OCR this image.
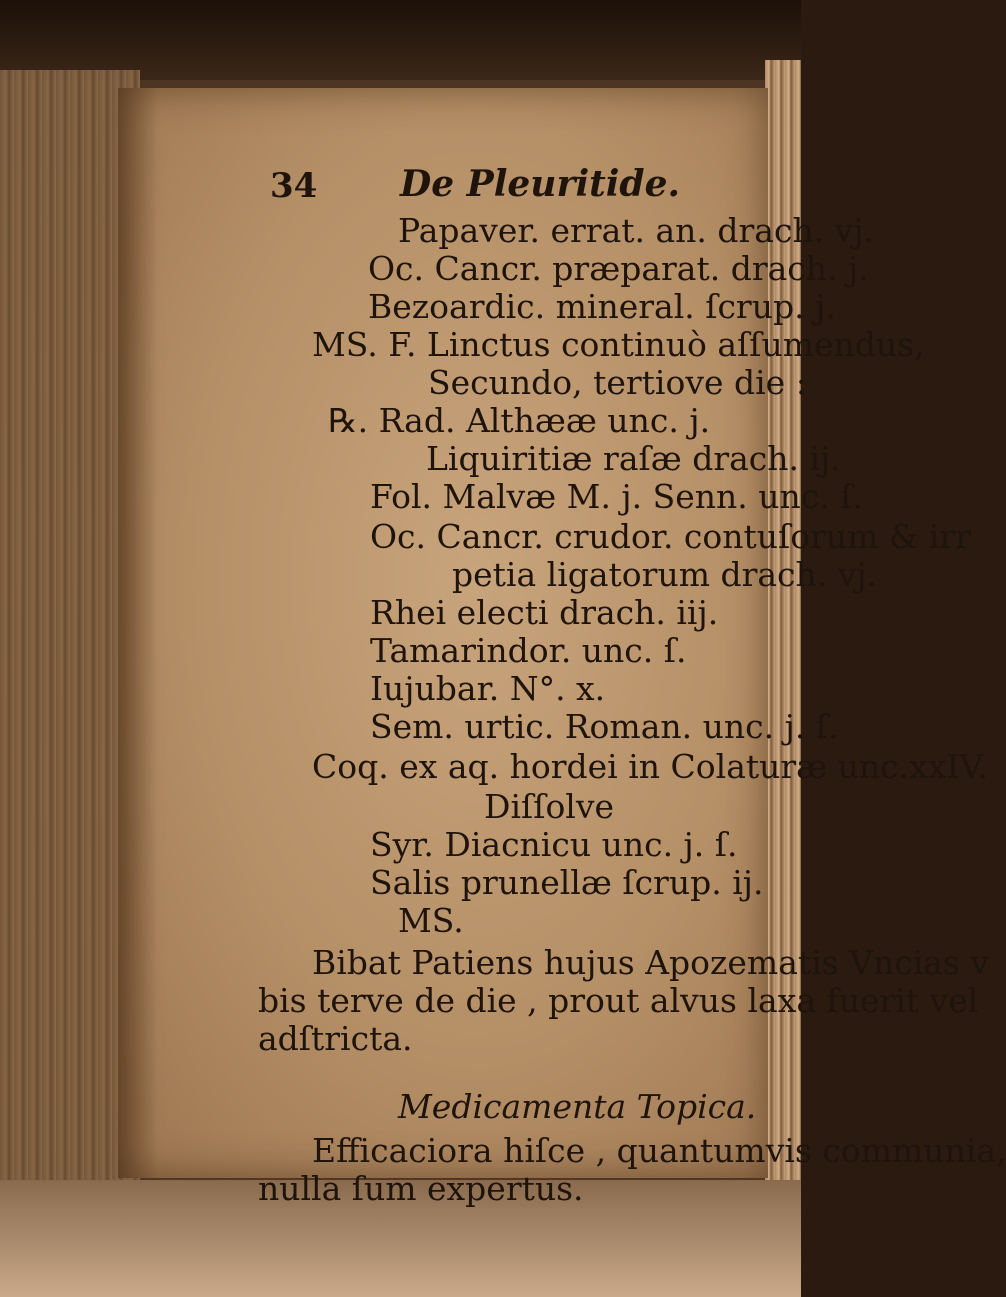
34 De Pleuritide.
Papaver. errat. an. drach. vj.
Oc. Cancr. præparat. drach. j.
Bezoardic. mineral. ſcrup. j.
MS. F. Linctus continuò aſſumendus,
Secundo, tertiove die :
℞. Rad. Althææ unc. j.
Liquiritiæ raſæ drach. ij.
Fol. Malvæ M. j. Senn. unc. ſ.
Oc. Cancr. crudor. contuſorum & irr
petia ligatorum drach. vj.
Rhei electi drach. iij.
Tamarindor. unc. ſ.
Iujubar. N°. x.
Sem. urtic. Roman. unc. j. ſ.
Coq. ex aq. hordei in Colaturæ unc.xxIV.
Diſſolve
Syr. Diacnicu unc. j. ſ.
Salis prunellæ ſcrup. ij.
MS.
Bibat Patiens hujus Apozematis Vncias v
bis terve de die , prout alvus laxa fuerit vel
adſtricta.
Medicamenta Topica.
Efficaciora hiſce , quantumvis communia,
nulla ſum expertus.
